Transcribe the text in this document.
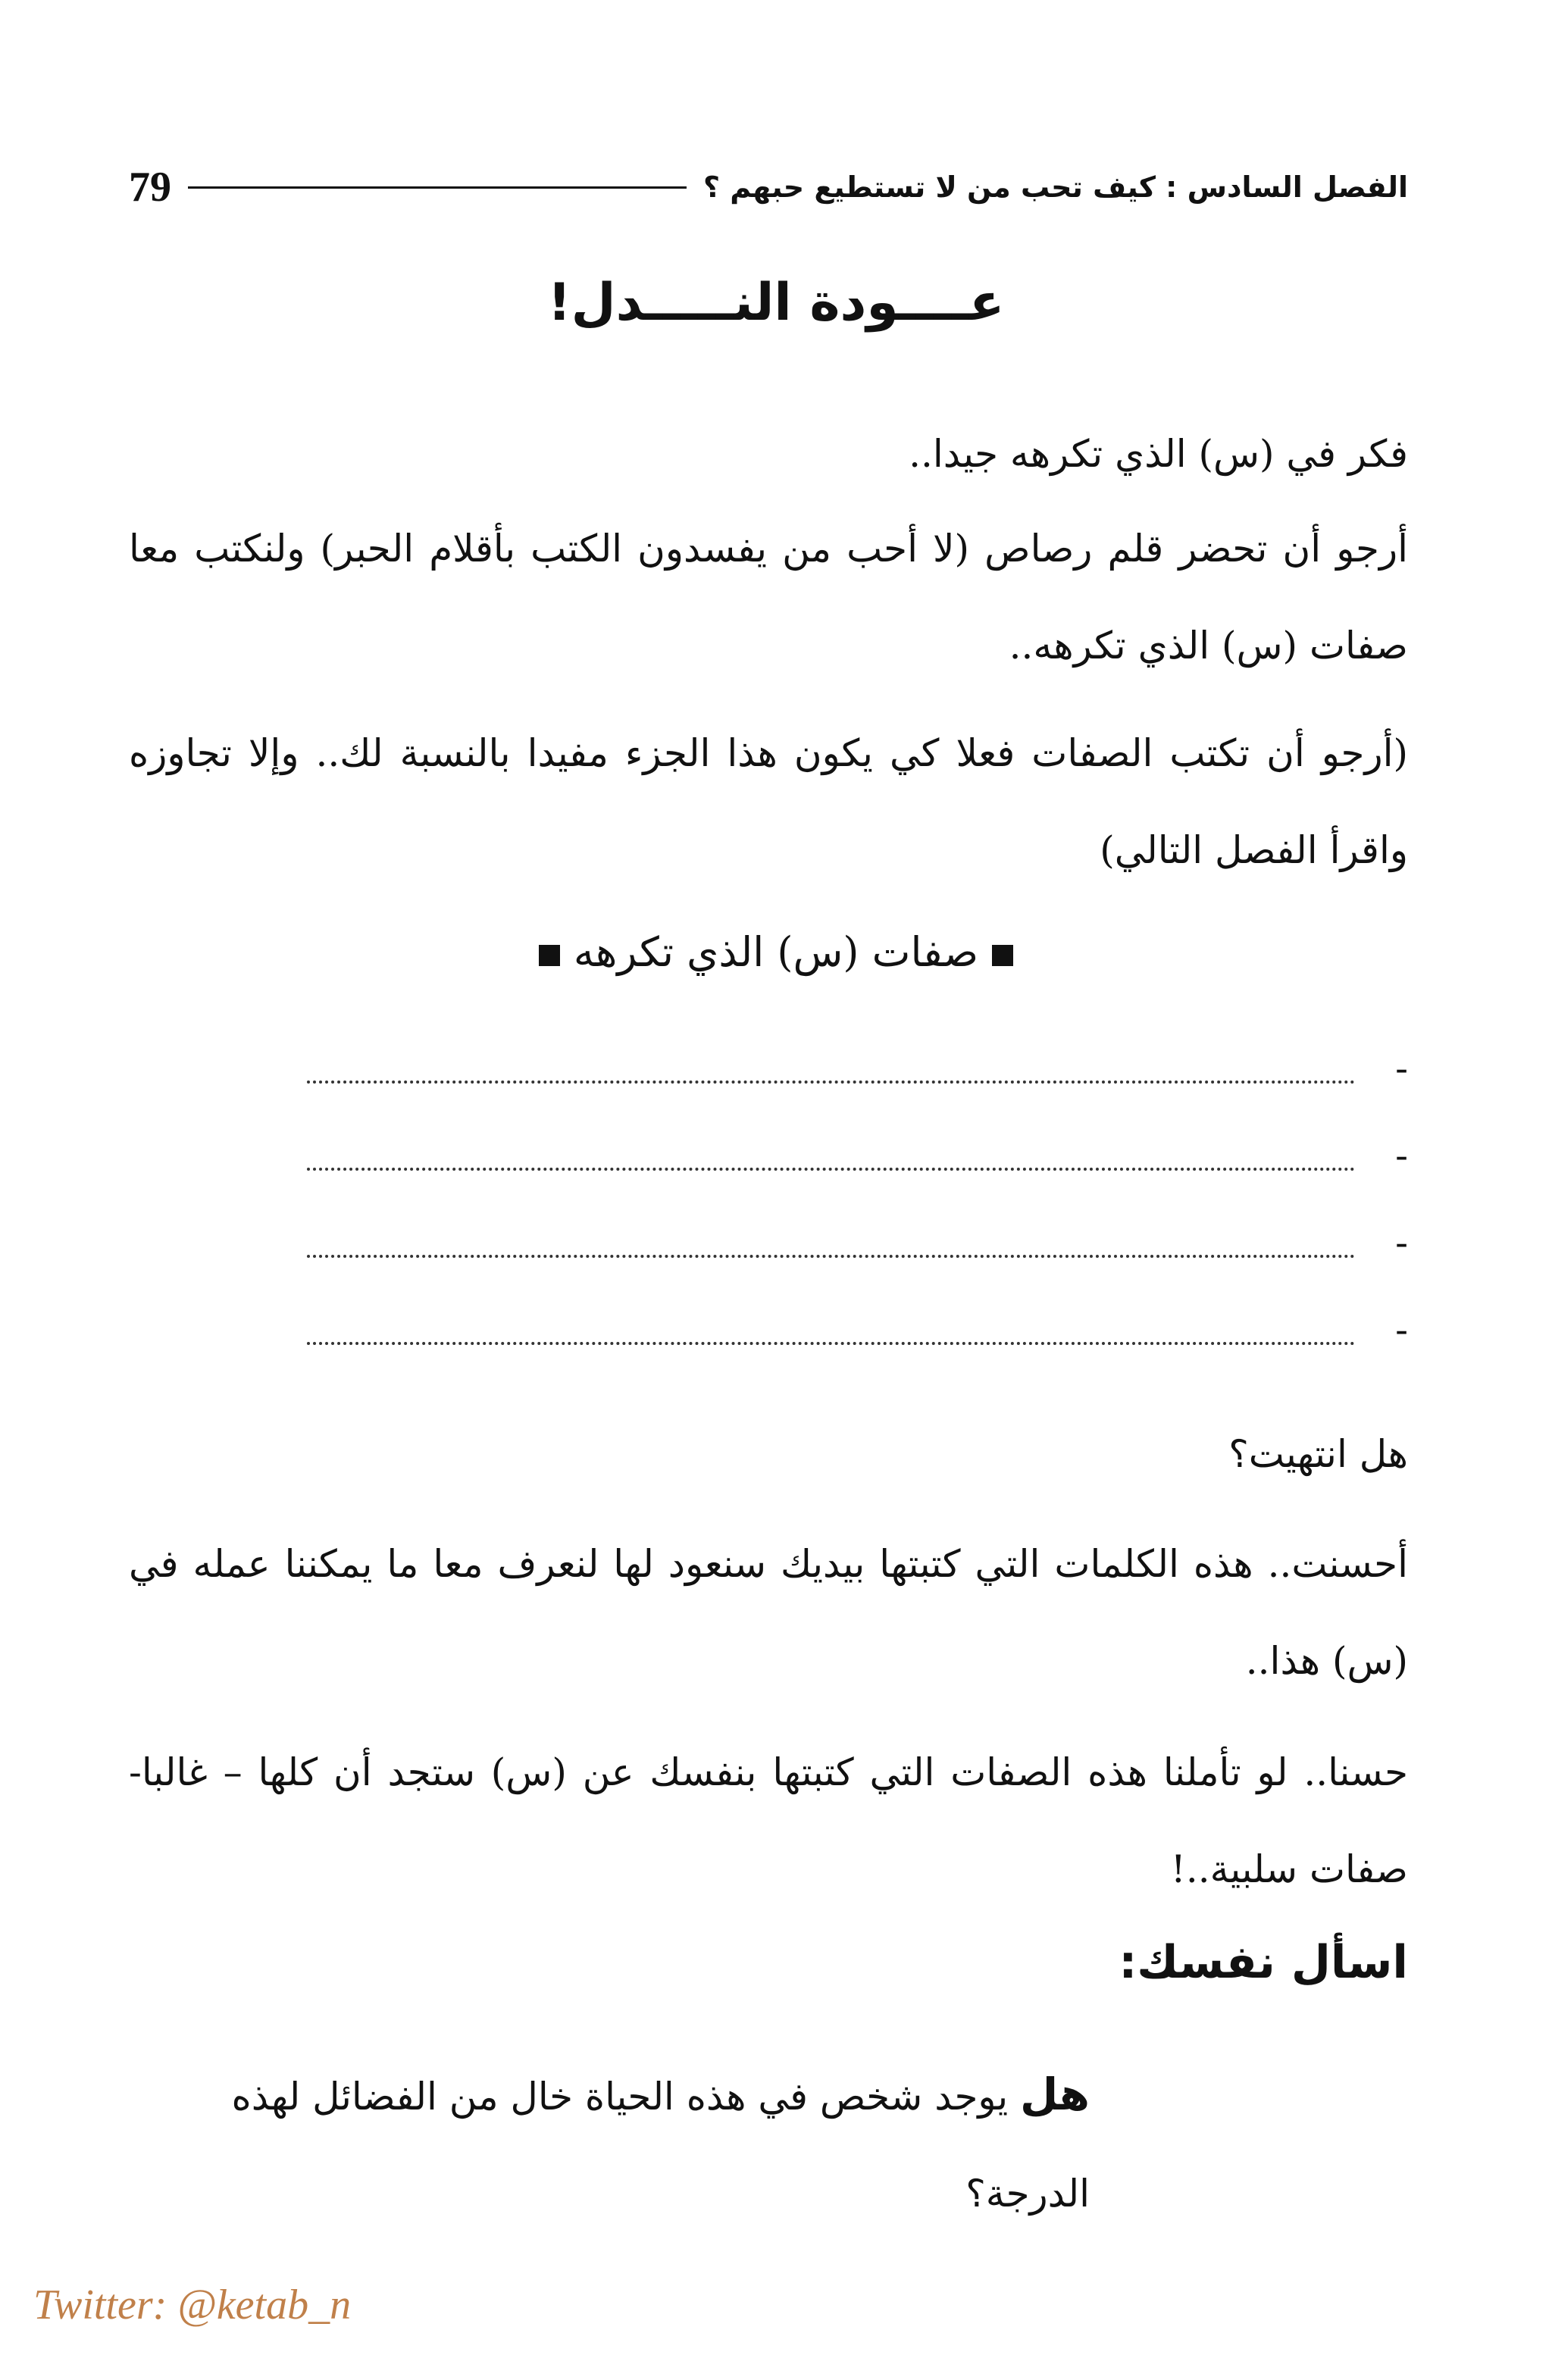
الفصل السادس : كيف تحب من لا تستطيع حبهم ؟
79
عــــودة النـــــدل!
فكر في (س) الذي تكرهه جيدا..
أرجو أن تحضر قلم رصاص (لا أحب من يفسدون الكتب بأقلام الحبر) ولنكتب معا صفات (س) الذي تكرهه..
(أرجو أن تكتب الصفات فعلا كي يكون هذا الجزء مفيدا بالنسبة لك.. وإلا تجاوزه واقرأ الفصل التالي)
صفات (س) الذي تكرهه
-
-
-
-
هل انتهيت؟
أحسنت.. هذه الكلمات التي كتبتها بيديك سنعود لها لنعرف معا ما يمكننا عمله في (س) هذا..
حسنا.. لو تأملنا هذه الصفات التي كتبتها بنفسك عن (س) ستجد أن كلها – غالبا- صفات سلبية..!
اسأل نفسك:
هل يوجد شخص في هذه الحياة خال من الفضائل لهذه الدرجة؟
Twitter: @ketab_n
